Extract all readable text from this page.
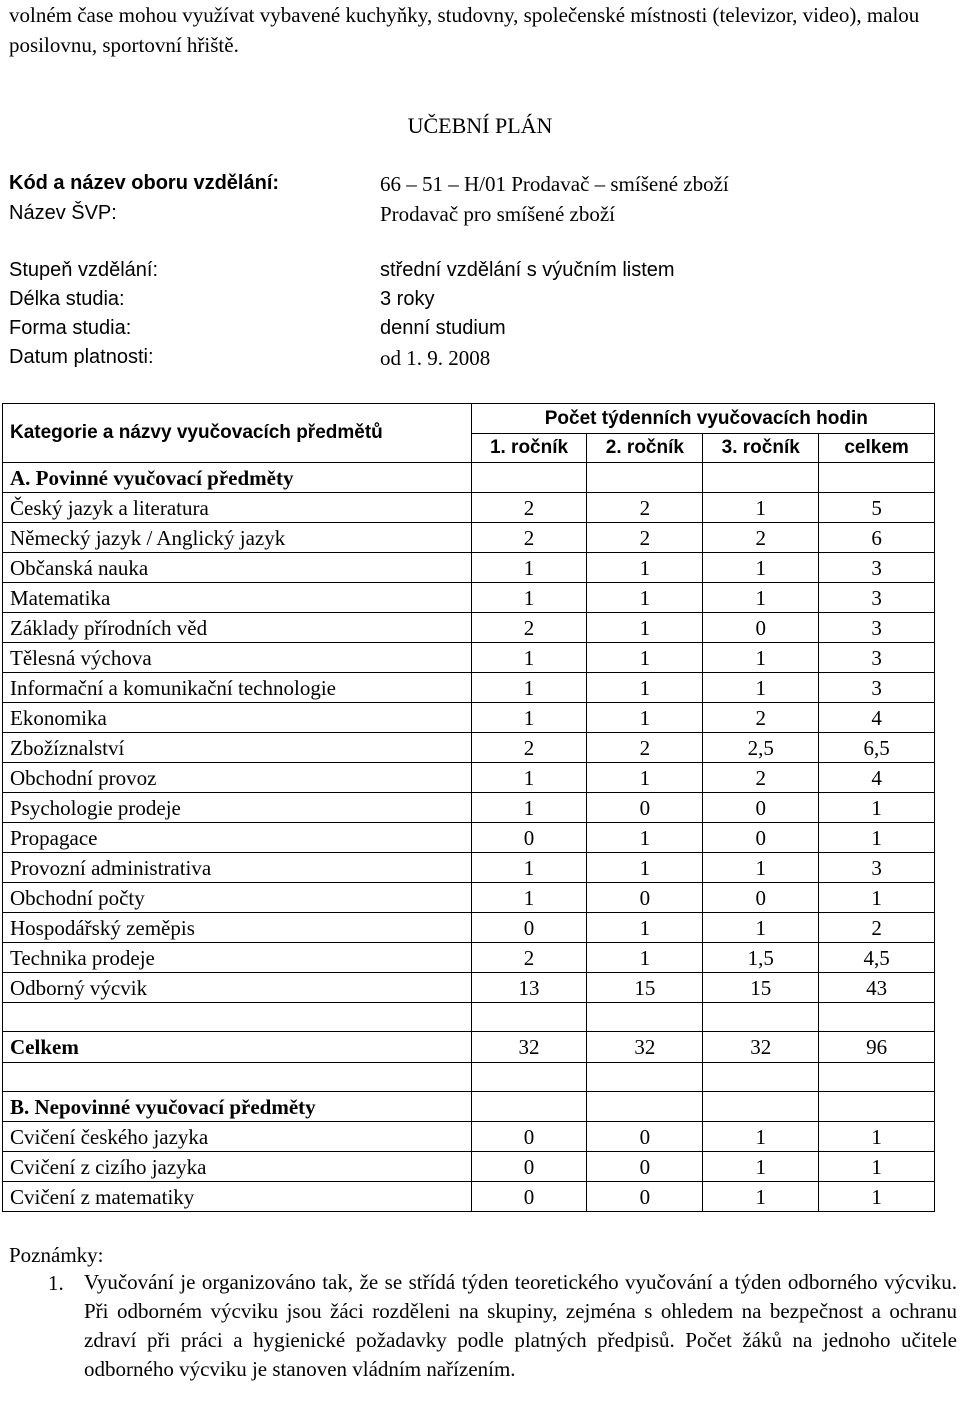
volném čase mohou využívat vybavené kuchyňky, studovny, společenské místnosti (televizor, video), malou posilovnu, sportovní hřiště.
UČEBNÍ PLÁN
Kód a název oboru vzdělání:	66 – 51 – H/01 Prodavač – smíšené zboží
Název ŠVP:	Prodavač pro smíšené zboží
Stupeň vzdělání:	střední vzdělání s výučním listem
Délka studia:	3 roky
Forma studia:	denní studium
Datum platnosti:	od 1. 9. 2008
Kategorie a názvy vyučovacích předmětů	Počet týdenních vyučovacích hodin			
	1. ročník	2. ročník	3. ročník	celkem
A. Povinné vyučovací předměty				
Český jazyk a literatura	2	2	1	5
Německý jazyk / Anglický jazyk	2	2	2	6
Občanská nauka	1	1	1	3
Matematika	1	1	1	3
Základy přírodních věd	2	1	0	3
Tělesná výchova	1	1	1	3
Informační a komunikační technologie	1	1	1	3
Ekonomika	1	1	2	4
Zbožíznalství	2	2	2,5	6,5
Obchodní provoz	1	1	2	4
Psychologie prodeje	1	0	0	1
Propagace	0	1	0	1
Provozní administrativa	1	1	1	3
Obchodní počty	1	0	0	1
Hospodářský zeměpis	0	1	1	2
Technika prodeje	2	1	1,5	4,5
Odborný výcvik	13	15	15	43

Celkem	32	32	32	96

B. Nepovinné vyučovací předměty				
Cvičení českého jazyka	0	0	1	1
Cvičení z cizího jazyka	0	0	1	1
Cvičení z matematiky	0	0	1	1
Poznámky:
1. Vyučování je organizováno tak, že se střídá týden teoretického vyučování a týden odborného výcviku. Při odborném výcviku jsou žáci rozděleni na skupiny, zejména s ohledem na bezpečnost a ochranu zdraví při práci a hygienické požadavky podle platných předpisů. Počet žáků na jednoho učitele odborného výcviku je stanoven vládním nařízením.
